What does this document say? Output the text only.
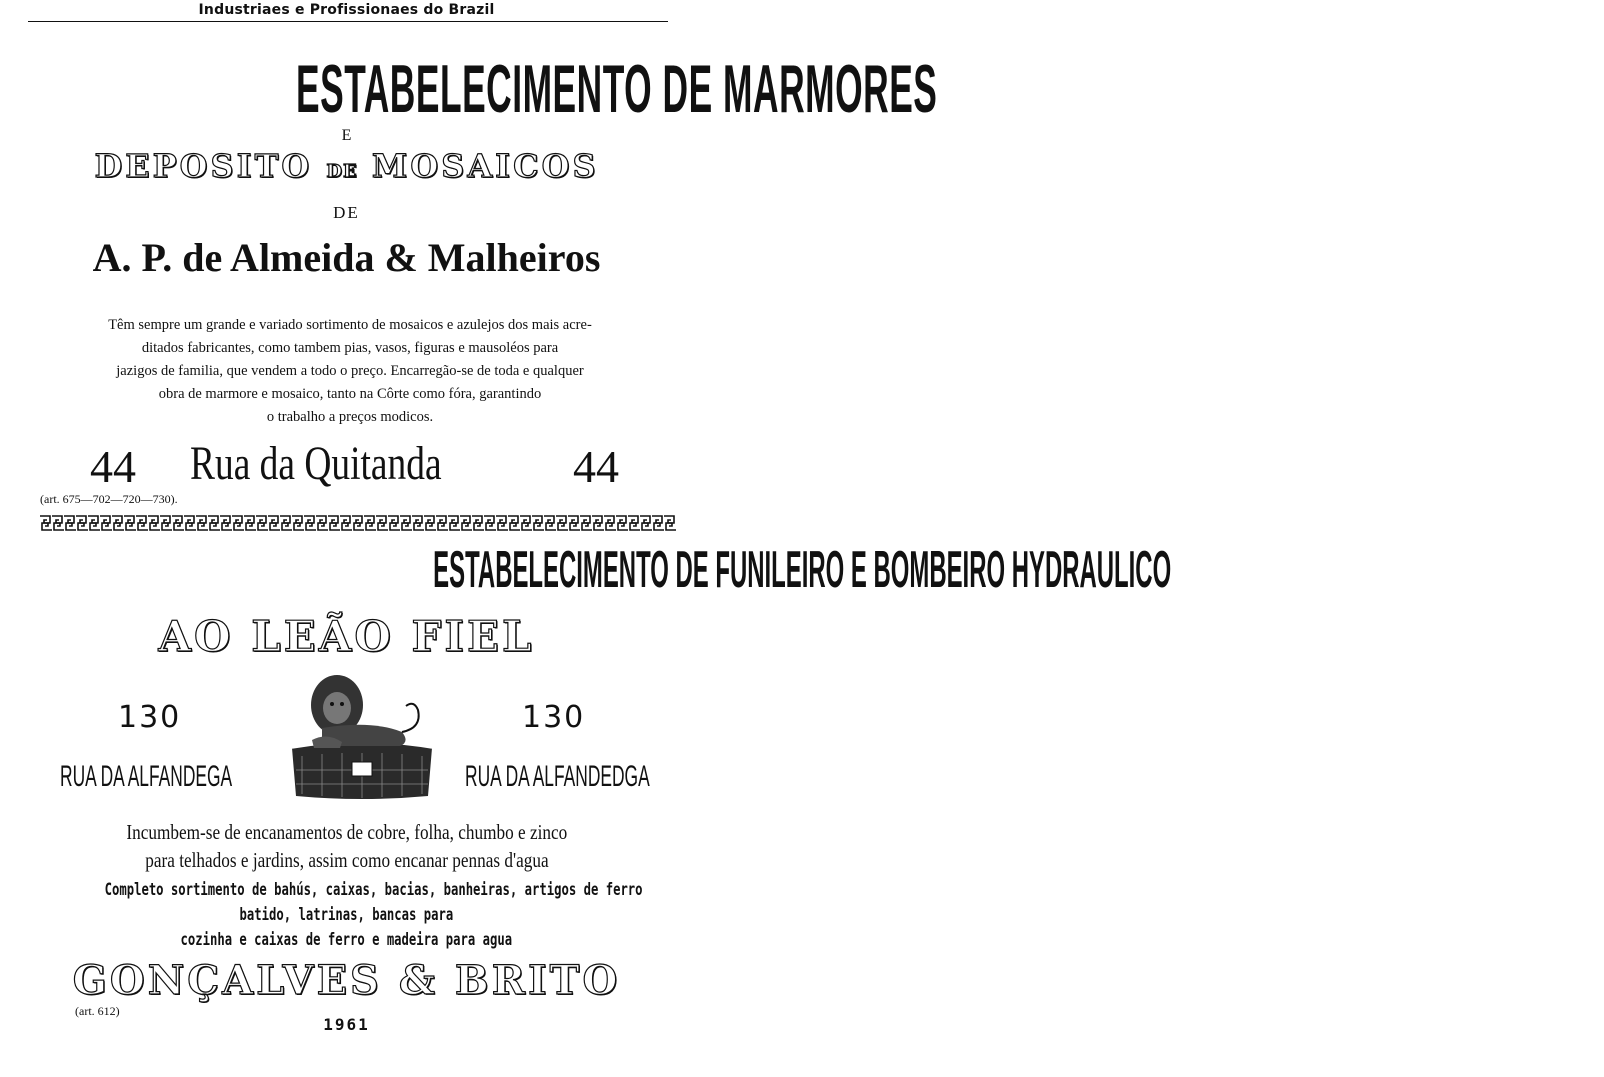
Industriaes e Profissionaes do Brazil
ESTABELECIMENTO DE MARMORES
E
DEPOSITO DE MOSAICOS
DE
A. P. de Almeida & Malheiros
Têm sempre um grande e variado sortimento de mosaicos e azulejos dos mais acre-
ditados fabricantes, como tambem pias, vasos, figuras e mausoléos para
jazigos de familia, que vendem a todo o preço. Encarregão-se de toda e qualquer
obra de marmore e mosaico, tanto na Côrte como fóra, garantindo
o trabalho a preços modicos.
44 Rua da Quitanda	44
(art. 675—702—720—730).
ESTABELECIMENTO DE FUNILEIRO E BOMBEIRO HYDRAULICO
AO LEÃO FIEL
130	130
RUA DA ALFANDEGA	RUA DA ALFANDEDGA
Incumbem-se de encanamentos de cobre, folha, chumbo e zinco
para telhados e jardins, assim como encanar pennas d'agua
Completo sortimento de bahús, caixas, bacias, banheiras, artigos de ferro
batido, latrinas, bancas para
cozinha e caixas de ferro e madeira para agua
GONÇALVES & BRITO
(art. 612)
1961
